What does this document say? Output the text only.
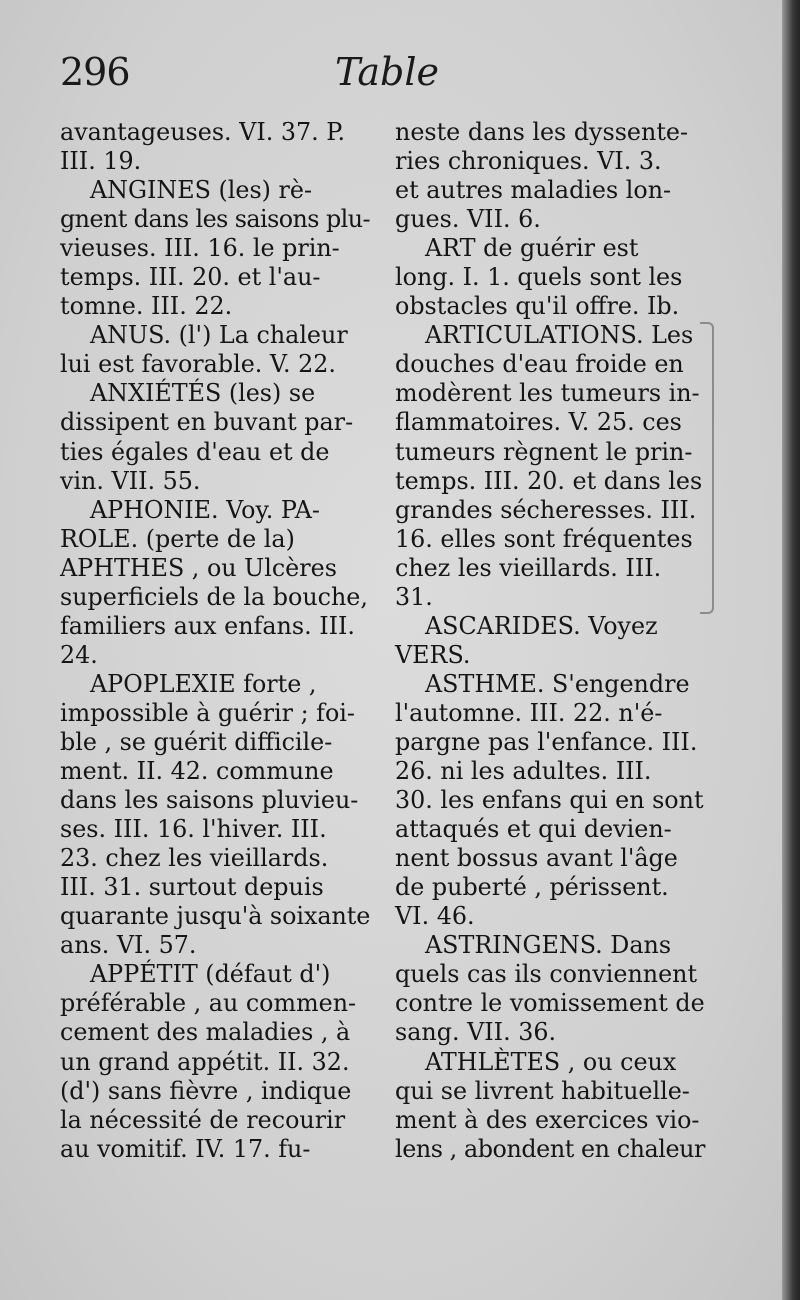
296	Table
avantageuses. VI. 37. P.
III. 19.
ANGINES (les) rè-
gnent dans les saisons plu-
vieuses. III. 16. le prin-
temps. III. 20. et l'au-
tomne. III. 22.
ANUS. (l') La chaleur
lui est favorable. V. 22.
ANXIÉTÉS (les) se
dissipent en buvant par-
ties égales d'eau et de
vin. VII. 55.
APHONIE. Voy. PA-
ROLE. (perte de la)
APHTHES , ou Ulcères
superficiels de la bouche,
familiers aux enfans. III.
24.
APOPLEXIE forte ,
impossible à guérir ; foi-
ble , se guérit difficile-
ment. II. 42. commune
dans les saisons pluvieu-
ses. III. 16. l'hiver. III.
23. chez les vieillards.
III. 31. surtout depuis
quarante jusqu'à soixante
ans. VI. 57.
APPÉTIT (défaut d')
préférable , au commen-
cement des maladies , à
un grand appétit. II. 32.
(d') sans fièvre , indique
la nécessité de recourir
au vomitif. IV. 17. fu-
neste dans les dyssente-
ries chroniques. VI. 3.
et autres maladies lon-
gues. VII. 6.
ART de guérir est
long. I. 1. quels sont les
obstacles qu'il offre. Ib.
ARTICULATIONS. Les
douches d'eau froide en
modèrent les tumeurs in-
flammatoires. V. 25. ces
tumeurs règnent le prin-
temps. III. 20. et dans les
grandes sécheresses. III.
16. elles sont fréquentes
chez les vieillards. III.
31.
ASCARIDES. Voyez
VERS.
ASTHME. S'engendre
l'automne. III. 22. n'é-
pargne pas l'enfance. III.
26. ni les adultes. III.
30. les enfans qui en sont
attaqués et qui devien-
nent bossus avant l'âge
de puberté , périssent.
VI. 46.
ASTRINGENS. Dans
quels cas ils conviennent
contre le vomissement de
sang. VII. 36.
ATHLÈTES , ou ceux
qui se livrent habituelle-
ment à des exercices vio-
lens , abondent en chaleur
